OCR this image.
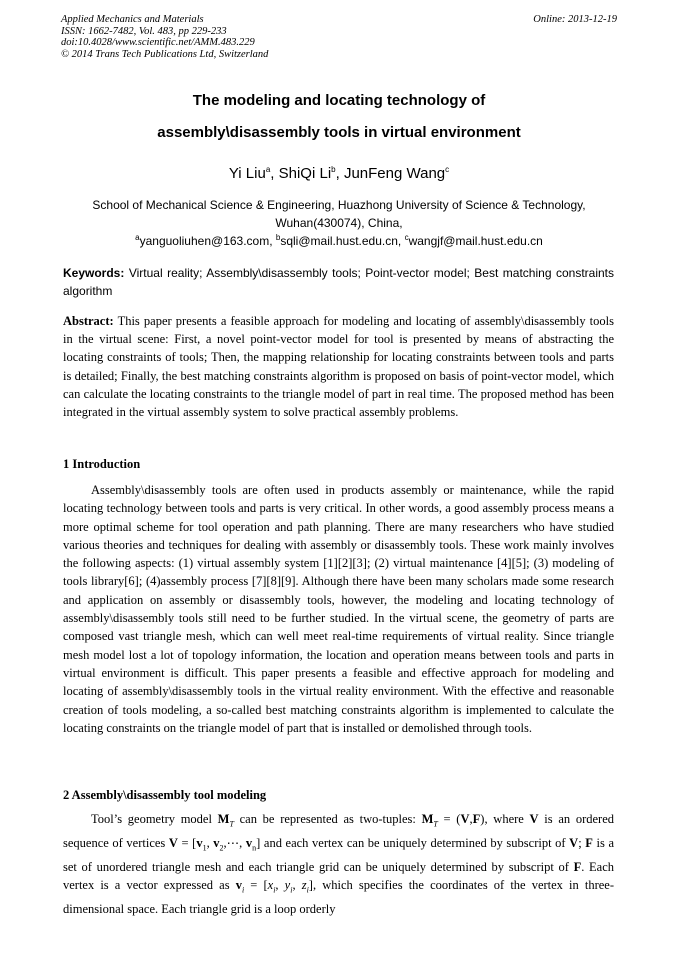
Applied Mechanics and Materials
ISSN: 1662-7482, Vol. 483, pp 229-233
doi:10.4028/www.scientific.net/AMM.483.229
© 2014 Trans Tech Publications Ltd, Switzerland
Online: 2013-12-19
The modeling and locating technology of
assembly\disassembly tools in virtual environment
Yi Liu$^a$, ShiQi Li$^b$, JunFeng Wang$^c$
School of Mechanical Science & Engineering, Huazhong University of Science & Technology,
Wuhan(430074), China,
$^a$yanguoliuhen@163.com, $^b$sqli@mail.hust.edu.cn, $^c$wangjf@mail.hust.edu.cn
Keywords: Virtual reality; Assembly\disassembly tools; Point-vector model; Best matching constraints algorithm
Abstract: This paper presents a feasible approach for modeling and locating of assembly\disassembly tools in the virtual scene: First, a novel point-vector model for tool is presented by means of abstracting the locating constraints of tools; Then, the mapping relationship for locating constraints between tools and parts is detailed; Finally, the best matching constraints algorithm is proposed on basis of point-vector model, which can calculate the locating constraints to the triangle model of part in real time. The proposed method has been integrated in the virtual assembly system to solve practical assembly problems.
1 Introduction
Assembly\disassembly tools are often used in products assembly or maintenance, while the rapid locating technology between tools and parts is very critical. In other words, a good assembly process means a more optimal scheme for tool operation and path planning. There are many researchers who have studied various theories and techniques for dealing with assembly or disassembly tools. These work mainly involves the following aspects: (1) virtual assembly system [1][2][3]; (2) virtual maintenance [4][5]; (3) modeling of tools library[6]; (4)assembly process [7][8][9]. Although there have been many scholars made some research and application on assembly or disassembly tools, however, the modeling and locating technology of assembly\disassembly tools still need to be further studied. In the virtual scene, the geometry of parts are composed vast triangle mesh, which can well meet real-time requirements of virtual reality. Since triangle mesh model lost a lot of topology information, the location and operation means between tools and parts in virtual environment is difficult. This paper presents a feasible and effective approach for modeling and locating of assembly\disassembly tools in the virtual reality environment. With the effective and reasonable creation of tools modeling, a so-called best matching constraints algorithm is implemented to calculate the locating constraints on the triangle model of part that is installed or demolished through tools.
2 Assembly\disassembly tool modeling
Tool’s geometry model $M_T$ can be represented as two-tuples: $M_T = (V,F)$, where V is an ordered sequence of vertices $V = [v_1$, $v_2,\cdots$, $v_n$] and each vertex can be uniquely determined by subscript of V; F is a set of unordered triangle mesh and each triangle grid can be uniquely determined by subscript of F. Each vertex is a vector expressed as $v_i = [x_i$, $y_i$, $z_i$], which specifies the coordinates of the vertex in three-dimensional space. Each triangle grid is a loop orderly
